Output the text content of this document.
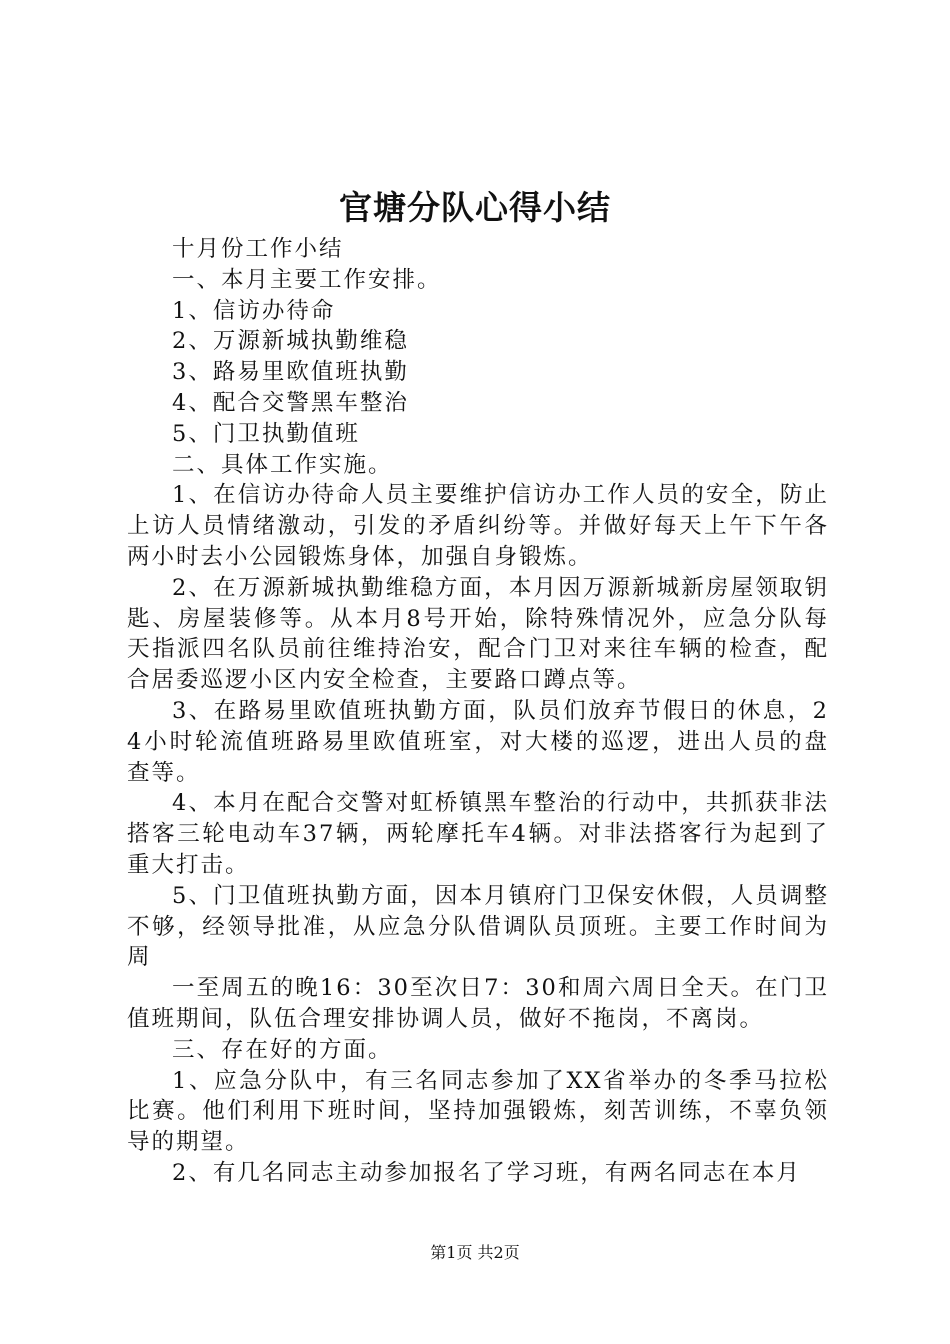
官塘分队心得小结

十月份工作小结

一、本月主要工作安排。

1、信访办待命

2、万源新城执勤维稳

3、路易里欧值班执勤

4、配合交警黑车整治

5、门卫执勤值班

二、具体工作实施。

1、在信访办待命人员主要维护信访办工作人员的安全，防止上访人员情绪激动，引发的矛盾纠纷等。并做好每天上午下午各两小时去小公园锻炼身体，加强自身锻炼。

2、在万源新城执勤维稳方面，本月因万源新城新房屋领取钥匙、房屋装修等。从本月8号开始，除特殊情况外，应急分队每天指派四名队员前往维持治安，配合门卫对来往车辆的检查，配合居委巡逻小区内安全检查，主要路口蹲点等。

3、在路易里欧值班执勤方面，队员们放弃节假日的休息，24小时轮流值班路易里欧值班室，对大楼的巡逻，进出人员的盘查等。

4、本月在配合交警对虹桥镇黑车整治的行动中，共抓获非法搭客三轮电动车37辆，两轮摩托车4辆。对非法搭客行为起到了重大打击。

5、门卫值班执勤方面，因本月镇府门卫保安休假，人员调整不够，经领导批准，从应急分队借调队员顶班。主要工作时间为周

一至周五的晚16：30至次日7：30和周六周日全天。在门卫值班期间，队伍合理安排协调人员，做好不拖岗，不离岗。

三、存在好的方面。

1、应急分队中，有三名同志参加了XX省举办的冬季马拉松比赛。他们利用下班时间，坚持加强锻炼，刻苦训练，不辜负领导的期望。

2、有几名同志主动参加报名了学习班，有两名同志在本月

第1页 共2页
